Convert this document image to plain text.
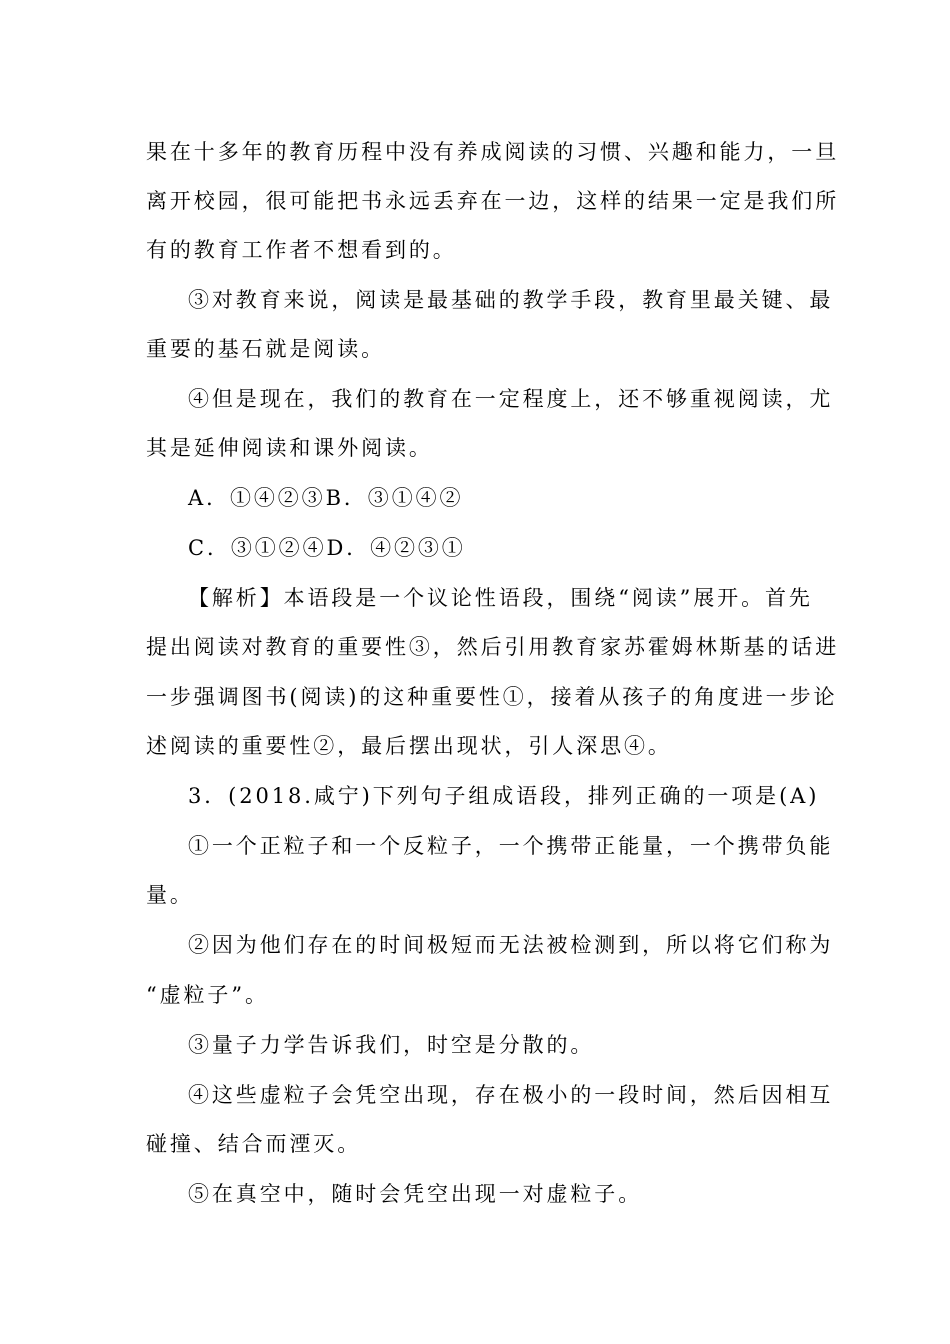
果在十多年的教育历程中没有养成阅读的习惯、兴趣和能力，一旦
离开校园，很可能把书永远丢弃在一边，这样的结果一定是我们所
有的教育工作者不想看到的。
③对教育来说，阅读是最基础的教学手段，教育里最关键、最
重要的基石就是阅读。
④但是现在，我们的教育在一定程度上，还不够重视阅读，尤
其是延伸阅读和课外阅读。
A．①④②③B．③①④②
C．③①②④D．④②③①
【解析】本语段是一个议论性语段，围绕“阅读”展开。首先
提出阅读对教育的重要性③，然后引用教育家苏霍姆林斯基的话进
一步强调图书(阅读)的这种重要性①，接着从孩子的角度进一步论
述阅读的重要性②，最后摆出现状，引人深思④。
3．(2018.咸宁)下列句子组成语段，排列正确的一项是(A)
①一个正粒子和一个反粒子，一个携带正能量，一个携带负能
量。
②因为他们存在的时间极短而无法被检测到，所以将它们称为
“虚粒子”。
③量子力学告诉我们，时空是分散的。
④这些虚粒子会凭空出现，存在极小的一段时间，然后因相互
碰撞、结合而湮灭。
⑤在真空中，随时会凭空出现一对虚粒子。
